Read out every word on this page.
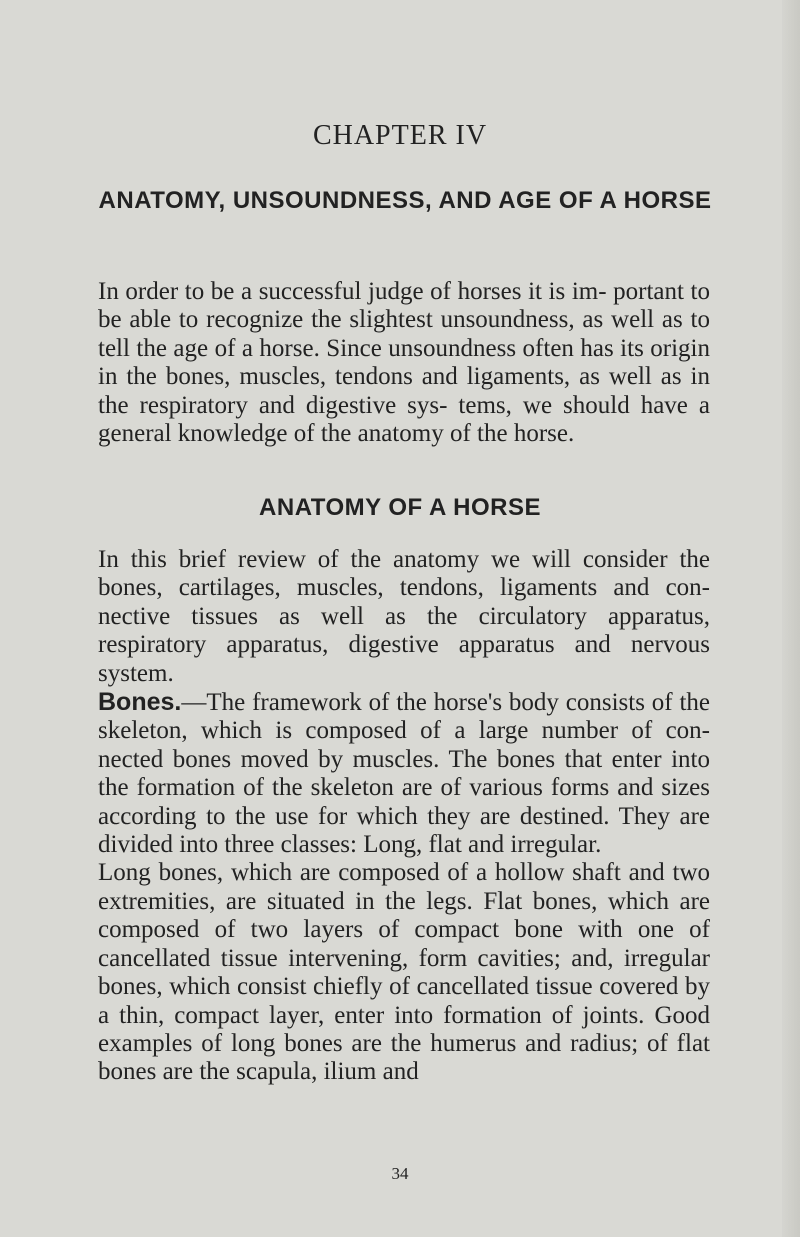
CHAPTER IV
ANATOMY, UNSOUNDNESS, AND AGE OF A HORSE

In order to be a successful judge of horses it is im- portant to be able to recognize the slightest unsoundness, as well as to tell the age of a horse. Since unsoundness often has its origin in the bones, muscles, tendons and ligaments, as well as in the respiratory and digestive sys- tems, we should have a general knowledge of the anatomy of the horse.

ANATOMY OF A HORSE

In this brief review of the anatomy we will consider the bones, cartilages, muscles, tendons, ligaments and con- nective tissues as well as the circulatory apparatus, respiratory apparatus, digestive apparatus and nervous system.

Bones.—The framework of the horse's body consists of the skeleton, which is composed of a large number of con- nected bones moved by muscles. The bones that enter into the formation of the skeleton are of various forms and sizes according to the use for which they are destined. They are divided into three classes: Long, flat and irregular.

Long bones, which are composed of a hollow shaft and two extremities, are situated in the legs. Flat bones, which are composed of two layers of compact bone with one of cancellated tissue intervening, form cavities; and, irregular bones, which consist chiefly of cancellated tissue covered by a thin, compact layer, enter into formation of joints. Good examples of long bones are the humerus and radius; of flat bones are the scapula, ilium and

34
